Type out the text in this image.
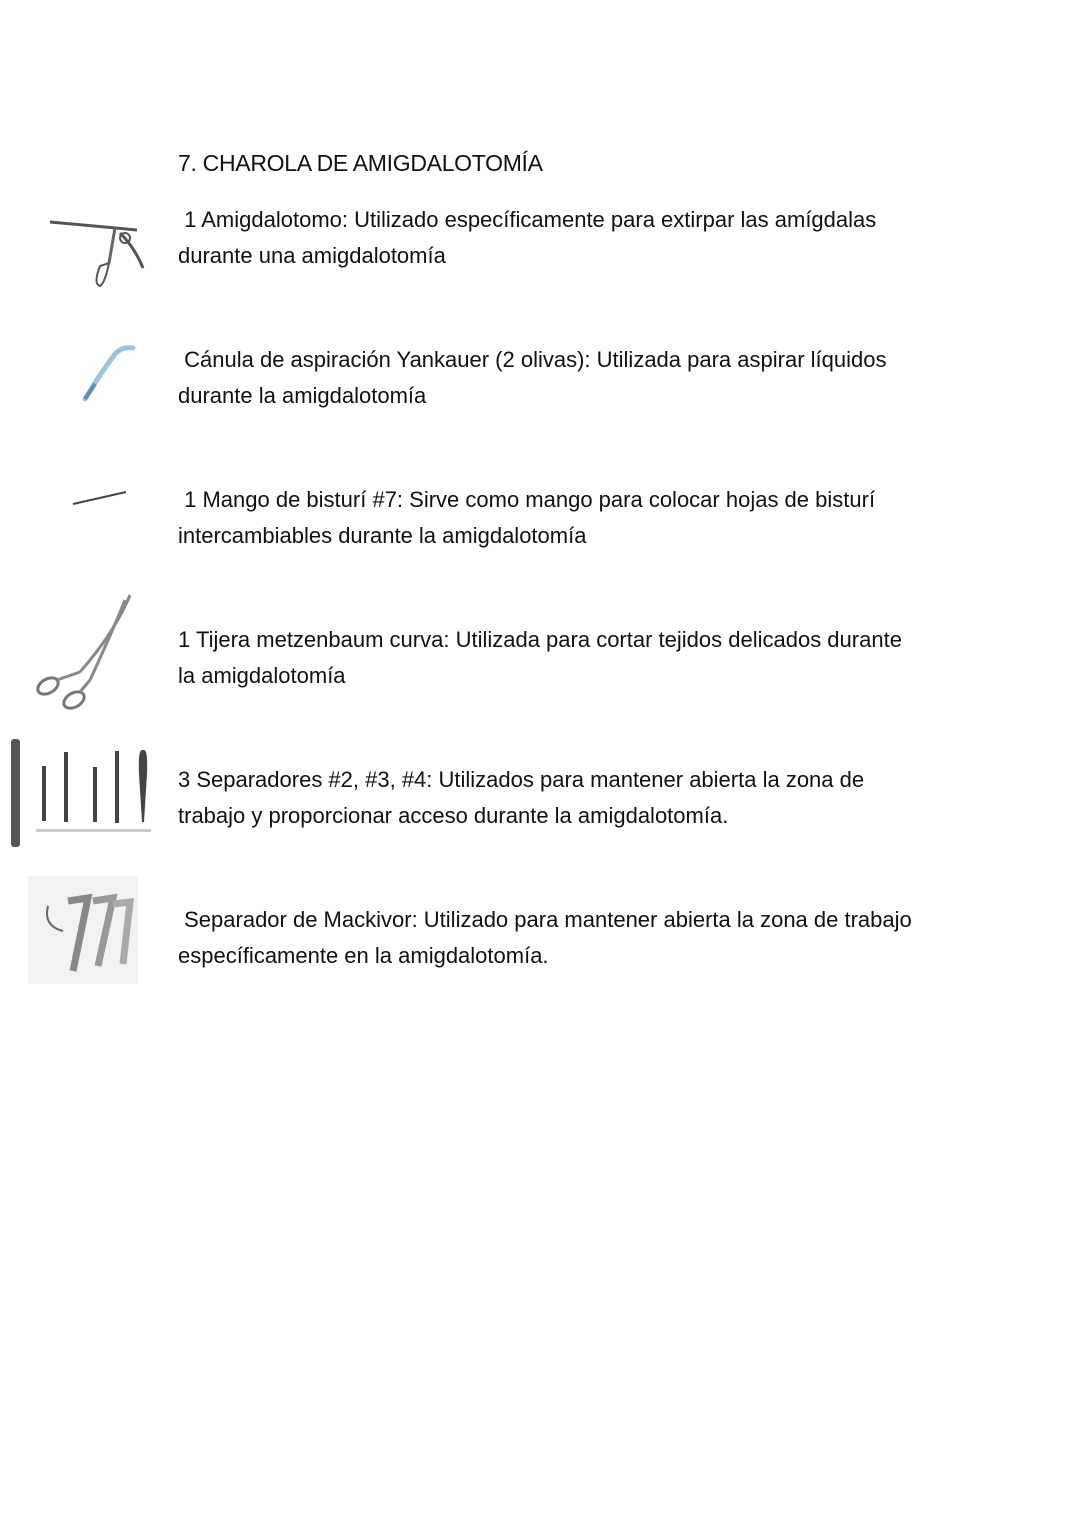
7. CHAROLA DE AMIGDALOTOMÍA
1 Amigdalotomo: Utilizado específicamente para extirpar las amígdalas durante una amigdalotomía
Cánula de aspiración Yankauer (2 olivas): Utilizada para aspirar líquidos durante la amigdalotomía
1 Mango de bisturí #7: Sirve como mango para colocar hojas de bisturí intercambiables durante la amigdalotomía
1 Tijera metzenbaum curva: Utilizada para cortar tejidos delicados durante la amigdalotomía
3 Separadores #2, #3, #4: Utilizados para mantener abierta la zona de trabajo y proporcionar acceso durante la amigdalotomía.
Separador de Mackivor: Utilizado para mantener abierta la zona de trabajo específicamente en la amigdalotomía.
